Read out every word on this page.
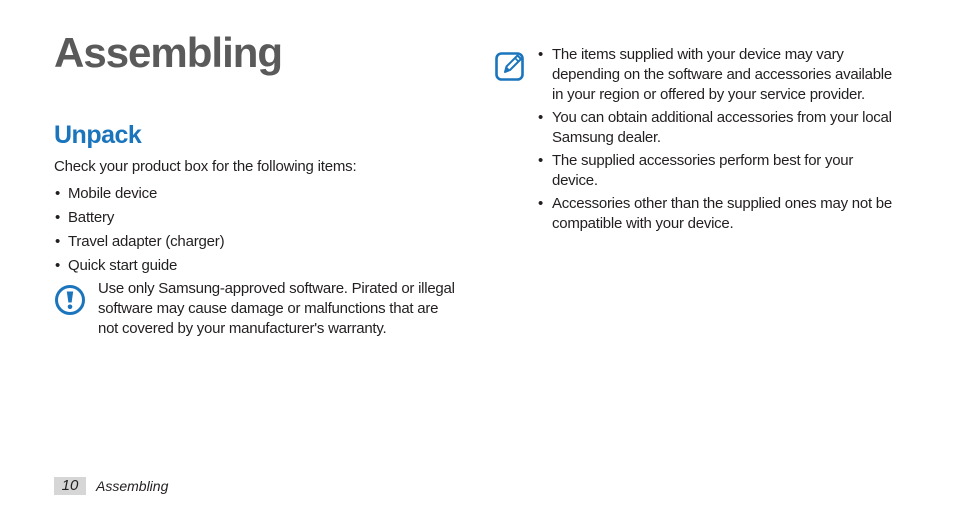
Assembling
Unpack

Check your product box for the following items:

• Mobile device
• Battery
• Travel adapter (charger)
• Quick start guide

Use only Samsung-approved software. Pirated or illegal software may cause damage or malfunctions that are not covered by your manufacturer's warranty.

• The items supplied with your device may vary depending on the software and accessories available in your region or offered by your service provider.
• You can obtain additional accessories from your local Samsung dealer.
• The supplied accessories perform best for your device.
• Accessories other than the supplied ones may not be compatible with your device.
10	Assembling
